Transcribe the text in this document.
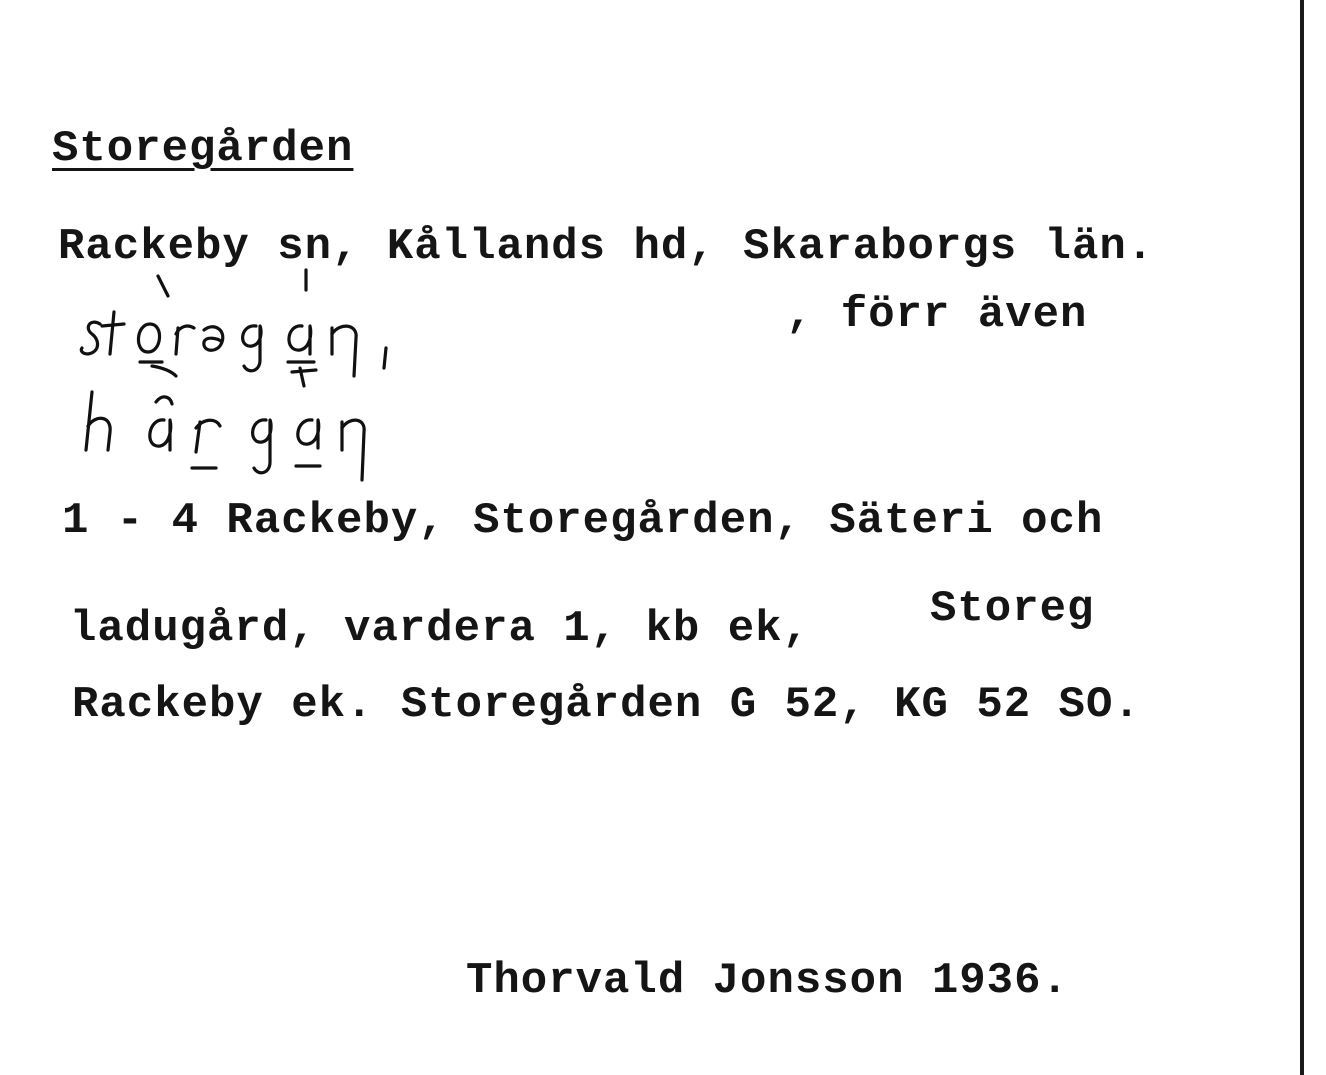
Storegården
Rackeby sn, Kållands hd, Skaraborgs län.
, förr även
1 - 4 Rackeby, Storegården, Säteri och
ladugård, vardera 1, kb ek,	Storeg
Rackeby ek. Storegården G 52, KG 52 SO.
Thorvald Jonsson 1936.
